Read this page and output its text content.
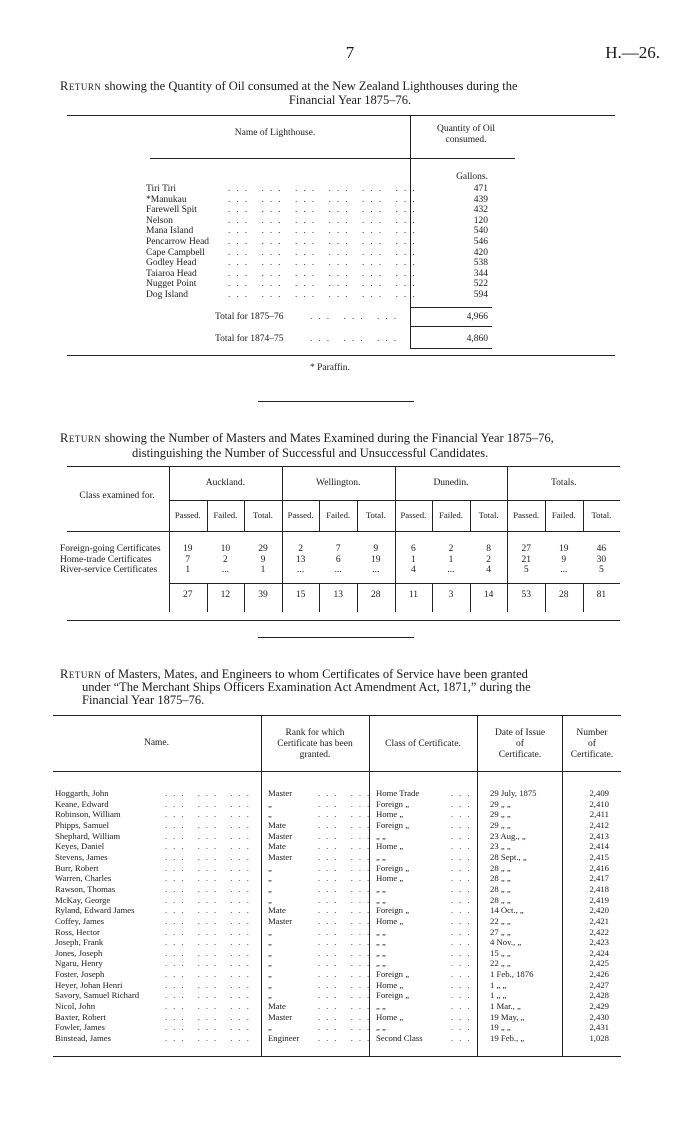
7	H.—26.
Return showing the Quantity of Oil consumed at the New Zealand Lighthouses during the
Financial Year 1875–76.
Name of Lighthouse.	Quantity of Oil
consumed.
Gallons.
Tiri Tiri	... ... ... ... ... ...	471
*Manukau	... ... ... ... ... ...	439
Farewell Spit	... ... ... ... ... ...	432
Nelson	... ... ... ... ... ...	120
Mana Island	... ... ... ... ... ...	540
Pencarrow Head ... ... ... ... ... ...	546
Cape Campbell ... ... ... ... ... ...	420
Godley Head	... ... ... ... ... ...	538
Taiaroa Head	... ... ... ... ... ...	344
Nugget Point	... ... ... ... ... ...	522
Dog Island	... ... ... ... ... ...	594
Total for 1875–76	... ... ...	4,966
Total for 1874–75	... ... ...	4,860
* Paraffin.
Return showing the Number of Masters and Mates Examined during the Financial Year 1875–76,
distinguishing the Number of Successful and Unsuccessful Candidates.
Class examined for.
Auckland.	Wellington.	Dunedin.	Totals.
Passed.	Failed.	Total.	Passed.	Failed.	Total.	Passed.	Failed.	Total.	Passed.	Failed.	Total.
Foreign-going Certificates	19	10	29	2	7	9	6	2	8	27	19	46
Home-trade Certificates	7	2	9	13	6	19	1	1	2	21	9	30
River-service Certificates	1	...	1	...	...	...	4	...	4	5	...	5
27	12	39	15	13	28	11	3	14	53	28	81
Return of Masters, Mates, and Engineers to whom Certificates of Service have been granted
under “The Merchant Ships Officers Examination Act Amendment Act, 1871,” during the
Financial Year 1875–76.
Name.
Rank for which
Certificate has been
granted.
Class of Certificate.
Date of Issue
of
Certificate.
Number
of
Certificate.
Hoggarth, John	... ... ... Master	... ... Home Trade	... 29 July, 1875	2,409
Keane, Edward	... ... ... „	... ... Foreign „	... 29 „ „	2,410
Robinson, William	... ... ... „	... ... Home „	... 29 „ „	2,411
Phipps, Samuel	... ... ... Mate	... ... Foreign „	... 29 „ „	2,412
Shephard, William	... ... ... Master	... ... „ „	... 23 Aug., „	2,413
Keyes, Daniel	... ... ... Mate	... ... Home „	... 23 „ „	2,414
Stevens, James	... ... ... Master	... ... „ „	... 28 Sept., „	2,415
Burr, Robert	... ... ... „	... ... Foreign „	... 28 „ „	2,416
Warren, Charles	... ... ... „	... ... Home „	... 28 „ „	2,417
Rawson, Thomas	... ... ... „	... ... „ „	... 28 „ „	2,418
McKay, George	... ... ... „	... ... „ „	... 28 „ „	2,419
Ryland, Edward James	... ... ... Mate	... ... Foreign „	... 14 Oct., „	2,420
Coffey, James	... ... ... Master	... ... Home „	... 22 „ „	2,421
Ross, Hector	... ... ... „	... ... „ „	... 27 „ „	2,422
Joseph, Frank	... ... ... „	... ... „ „	... 4 Nov., „	2,423
Jones, Joseph	... ... ... „	... ... „ „	... 15 „ „	2,424
Ngaru, Henry	... ... ... „	... ... „ „	... 22 „ „	2,425
Foster, Joseph	... ... ... „	... ... Foreign „	... 1 Feb., 1876	2,426
Heyer, Johan Henri	... ... ... „	... ... Home „	... 1 „ „	2,427
Savory, Samuel Richard	... ... ... „	... ... Foreign „	... 1 „ „	2,428
Nicol, John	... ... ... Mate	... ... „ „	... 1 Mar., „	2,429
Baxter, Robert	... ... ... Master	... ... Home „	... 19 May, „	2,430
Fowler, James	... ... ... „	... ... „ „	... 19 „ „	2,431
Binstead, James	... ... ... Engineer ... ... Second Class	... 19 Feb., „	1,028
